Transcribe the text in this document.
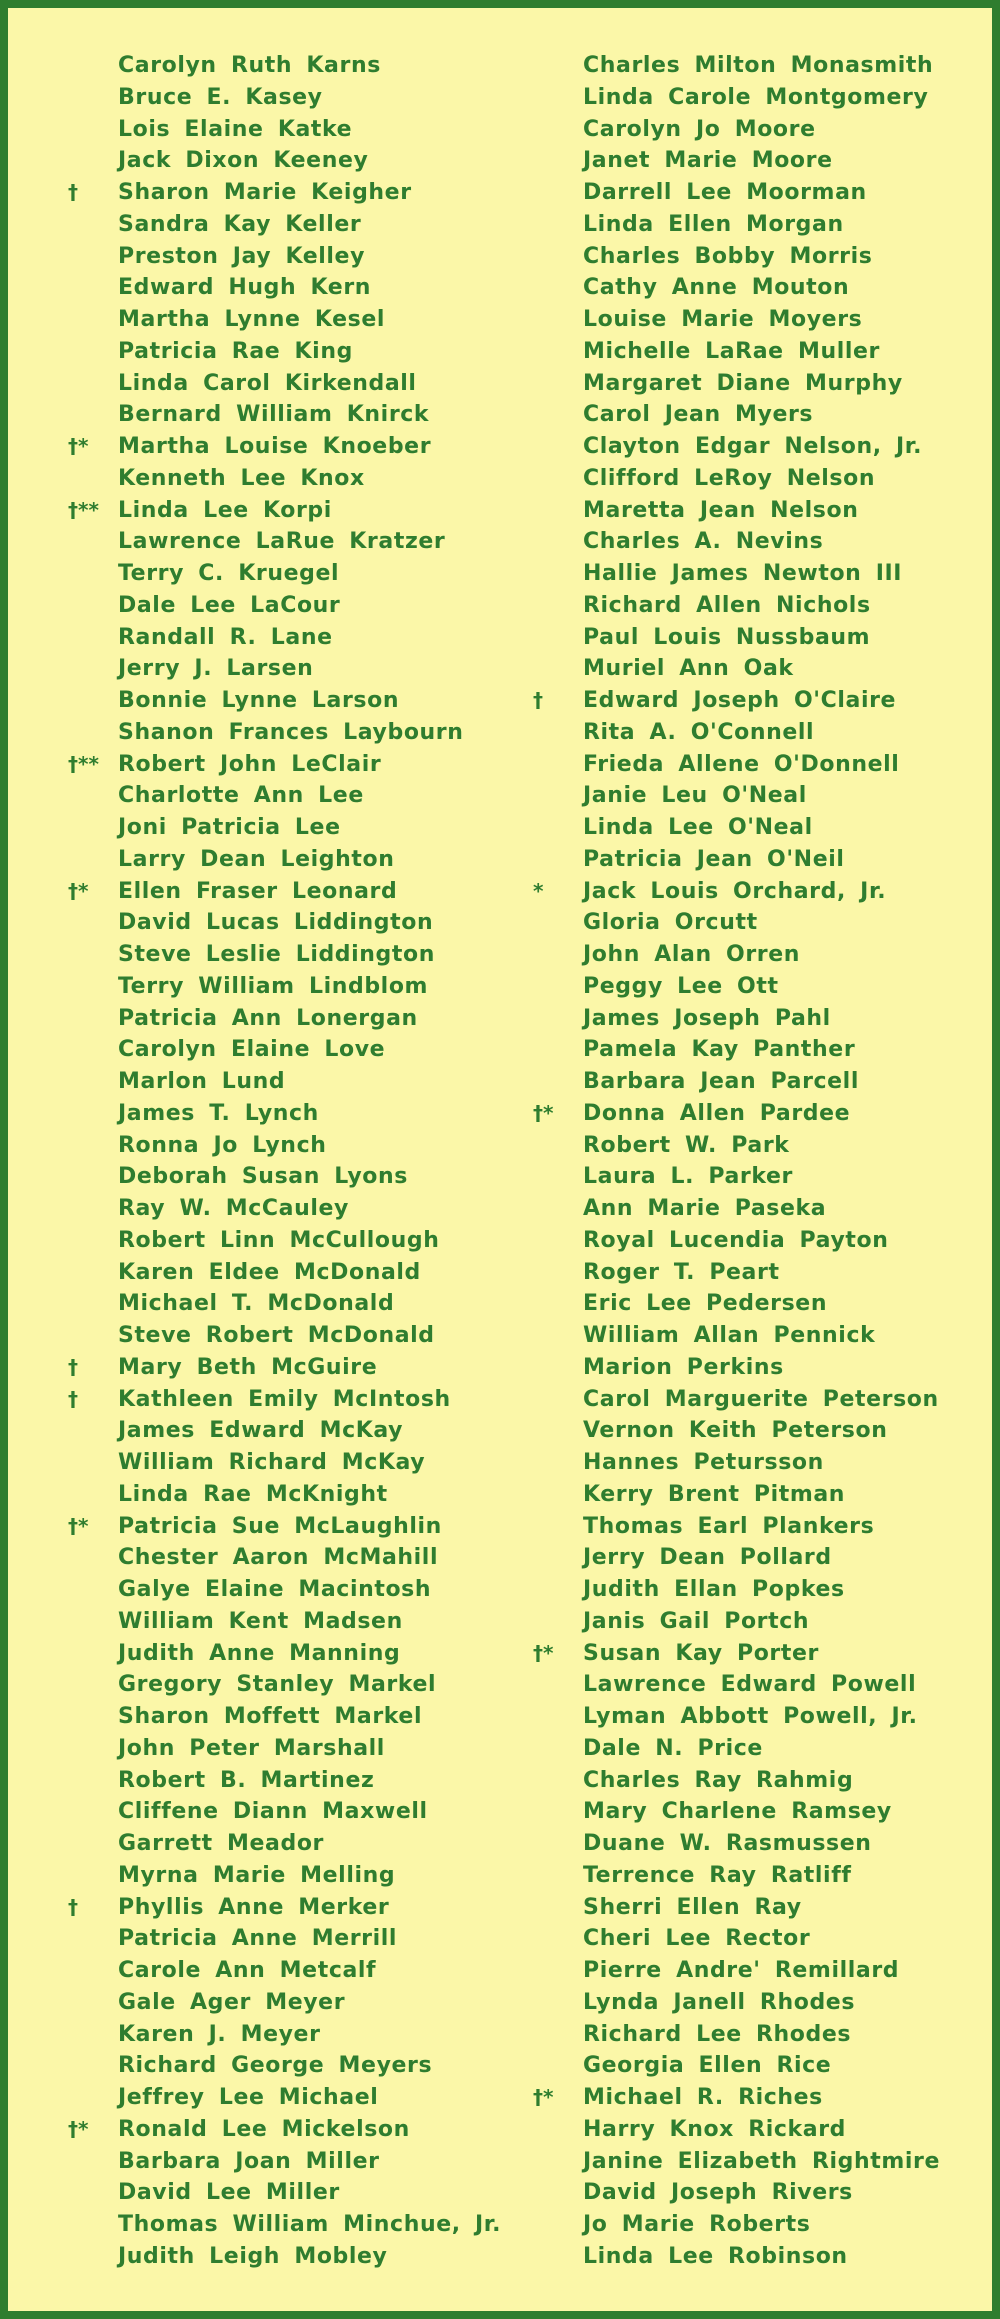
Carolyn Ruth Karns
Bruce E. Kasey
Lois Elaine Katke
Jack Dixon Keeney
†	Sharon Marie Keigher
Sandra Kay Keller
Preston Jay Kelley
Edward Hugh Kern
Martha Lynne Kesel
Patricia Rae King
Linda Carol Kirkendall
Bernard William Knirck
†*	Martha Louise Knoeber
Kenneth Lee Knox
†** Linda Lee Korpi
Lawrence LaRue Kratzer
Terry C. Kruegel
Dale Lee LaCour
Randall R. Lane
Jerry J. Larsen
Bonnie Lynne Larson
Shanon Frances Laybourn
†** Robert John LeClair
Charlotte Ann Lee
Joni Patricia Lee
Larry Dean Leighton
†*	Ellen Fraser Leonard
David Lucas Liddington
Steve Leslie Liddington
Terry William Lindblom
Patricia Ann Lonergan
Carolyn Elaine Love
Marlon Lund
James T. Lynch
Ronna Jo Lynch
Deborah Susan Lyons
Ray W. McCauley
Robert Linn McCullough
Karen Eldee McDonald
Michael T. McDonald
Steve Robert McDonald
†	Mary Beth McGuire
†	Kathleen Emily McIntosh
James Edward McKay
William Richard McKay
Linda Rae McKnight
†*	Patricia Sue McLaughlin
Chester Aaron McMahill
Galye Elaine Macintosh
William Kent Madsen
Judith Anne Manning
Gregory Stanley Markel
Sharon Moffett Markel
John Peter Marshall
Robert B. Martinez
Cliffene Diann Maxwell
Garrett Meador
Myrna Marie Melling
†	Phyllis Anne Merker
Patricia Anne Merrill
Carole Ann Metcalf
Gale Ager Meyer
Karen J. Meyer
Richard George Meyers
Jeffrey Lee Michael
†*	Ronald Lee Mickelson
Barbara Joan Miller
David Lee Miller
Thomas William Minchue, Jr.
Judith Leigh Mobley
Charles Milton Monasmith
Linda Carole Montgomery
Carolyn Jo Moore
Janet Marie Moore
Darrell Lee Moorman
Linda Ellen Morgan
Charles Bobby Morris
Cathy Anne Mouton
Louise Marie Moyers
Michelle LaRae Muller
Margaret Diane Murphy
Carol Jean Myers
Clayton Edgar Nelson, Jr.
Clifford LeRoy Nelson
Maretta Jean Nelson
Charles A. Nevins
Hallie James Newton III
Richard Allen Nichols
Paul Louis Nussbaum
Muriel Ann Oak
†	Edward Joseph O'Claire
Rita A. O'Connell
Frieda Allene O'Donnell
Janie Leu O'Neal
Linda Lee O'Neal
Patricia Jean O'Neil
*	Jack Louis Orchard, Jr.
Gloria Orcutt
John Alan Orren
Peggy Lee Ott
James Joseph Pahl
Pamela Kay Panther
Barbara Jean Parcell
†*	Donna Allen Pardee
Robert W. Park
Laura L. Parker
Ann Marie Paseka
Royal Lucendia Payton
Roger T. Peart
Eric Lee Pedersen
William Allan Pennick
Marion Perkins
Carol Marguerite Peterson
Vernon Keith Peterson
Hannes Petursson
Kerry Brent Pitman
Thomas Earl Plankers
Jerry Dean Pollard
Judith Ellan Popkes
Janis Gail Portch
†*	Susan Kay Porter
Lawrence Edward Powell
Lyman Abbott Powell, Jr.
Dale N. Price
Charles Ray Rahmig
Mary Charlene Ramsey
Duane W. Rasmussen
Terrence Ray Ratliff
Sherri Ellen Ray
Cheri Lee Rector
Pierre Andre' Remillard
Lynda Janell Rhodes
Richard Lee Rhodes
Georgia Ellen Rice
†*	Michael R. Riches
Harry Knox Rickard
Janine Elizabeth Rightmire
David Joseph Rivers
Jo Marie Roberts
Linda Lee Robinson
